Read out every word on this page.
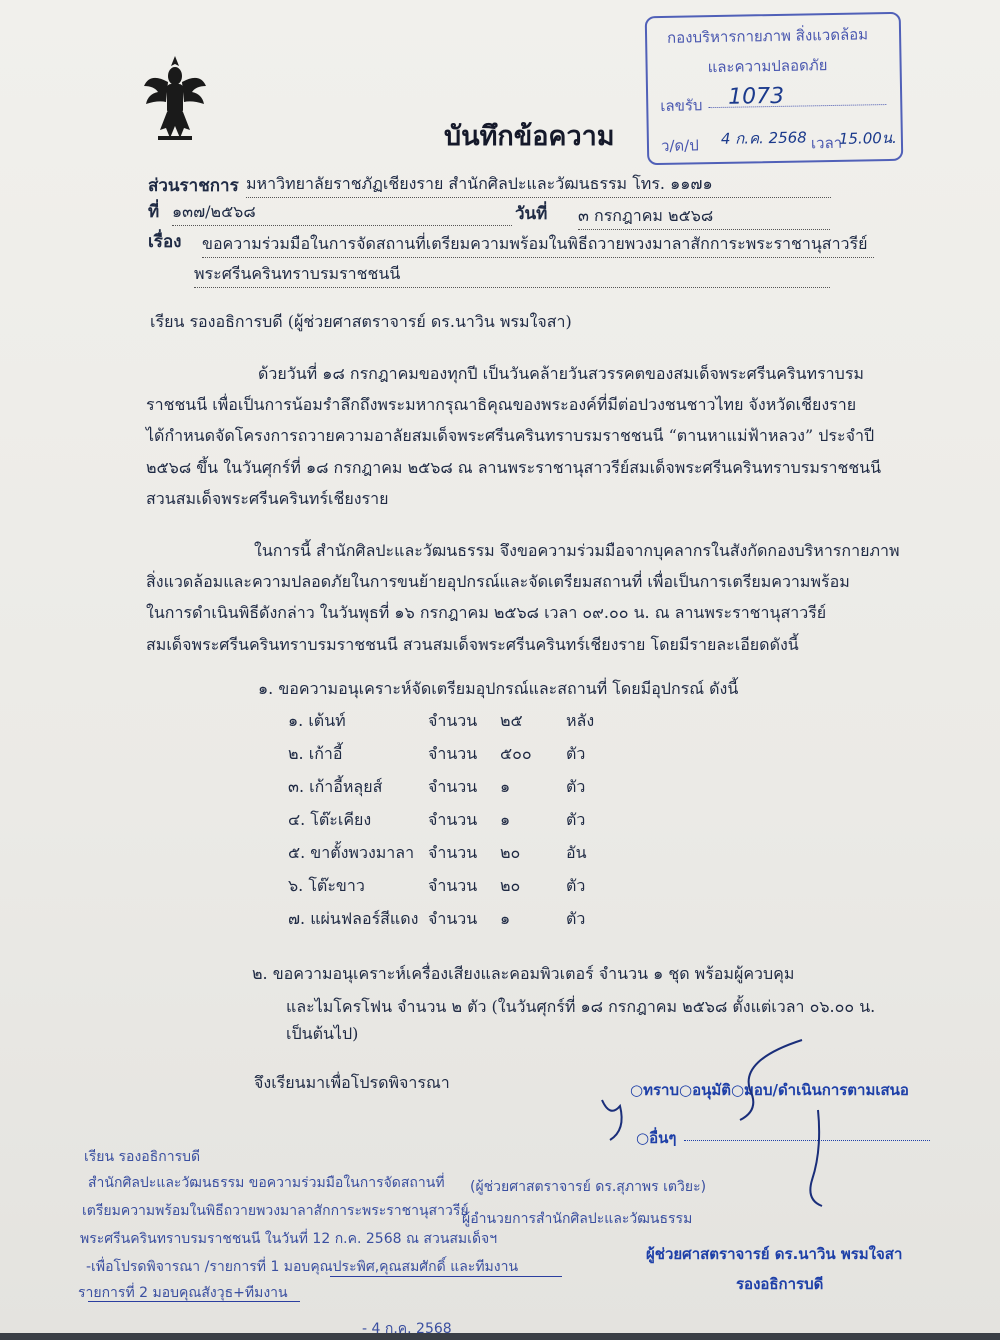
กองบริหารกายภาพ สิ่งแวดล้อม
และความปลอดภัย
เลขรับ 1073
ว/ด/ป 4 ก.ค. 2568 เวลา
15.00น.
บันทึกข้อความ
ส่วนราชการ มหาวิทยาลัยราชภัฏเชียงราย สำนักศิลปะและวัฒนธรรม โทร. ๑๑๗๑
ที่ ๑๓๗/๒๕๖๘	วันที่ ๓ กรกฎาคม ๒๕๖๘
เรื่อง ขอความร่วมมือในการจัดสถานที่เตรียมความพร้อมในพิธีถวายพวงมาลาสักการะพระราชานุสาวรีย์
พระศรีนครินทราบรมราชชนนี
เรียน รองอธิการบดี (ผู้ช่วยศาสตราจารย์ ดร.นาวิน พรมใจสา)
ด้วยวันที่ ๑๘ กรกฎาคมของทุกปี เป็นวันคล้ายวันสวรรคตของสมเด็จพระศรีนครินทราบรม
ราชชนนี เพื่อเป็นการน้อมรำลึกถึงพระมหากรุณาธิคุณของพระองค์ที่มีต่อปวงชนชาวไทย จังหวัดเชียงราย
ได้กำหนดจัดโครงการถวายความอาลัยสมเด็จพระศรีนครินทราบรมราชชนนี “ตานหาแม่ฟ้าหลวง” ประจำปี
๒๕๖๘ ขึ้น ในวันศุกร์ที่ ๑๘ กรกฎาคม ๒๕๖๘ ณ ลานพระราชานุสาวรีย์สมเด็จพระศรีนครินทราบรมราชชนนี
สวนสมเด็จพระศรีนครินทร์เชียงราย
ในการนี้ สำนักศิลปะและวัฒนธรรม จึงขอความร่วมมือจากบุคลากรในสังกัดกองบริหารกายภาพ
สิ่งแวดล้อมและความปลอดภัยในการขนย้ายอุปกรณ์และจัดเตรียมสถานที่ เพื่อเป็นการเตรียมความพร้อม
ในการดำเนินพิธีดังกล่าว ในวันพุธที่ ๑๖ กรกฎาคม ๒๕๖๘ เวลา ๐๙.๐๐ น. ณ ลานพระราชานุสาวรีย์
สมเด็จพระศรีนครินทราบรมราชชนนี สวนสมเด็จพระศรีนครินทร์เชียงราย โดยมีรายละเอียดดังนี้
๑. ขอความอนุเคราะห์จัดเตรียมอุปกรณ์และสถานที่ โดยมีอุปกรณ์ ดังนี้
๑. เต้นท์	จำนวน ๒๕	หลัง
๒. เก้าอี้	จำนวน ๕๐๐ ตัว
๓. เก้าอี้หลุยส์	จำนวน ๑	ตัว
๔. โต๊ะเคียง	จำนวน ๑	ตัว
๕. ขาตั้งพวงมาลา จำนวน ๒๐	อัน
๖. โต๊ะขาว	จำนวน ๒๐	ตัว
๗. แผ่นฟลอร์สีแดง จำนวน ๑	ตัว
๒. ขอความอนุเคราะห์เครื่องเสียงและคอมพิวเตอร์ จำนวน ๑ ชุด พร้อมผู้ควบคุม
และไมโครโฟน จำนวน ๒ ตัว (ในวันศุกร์ที่ ๑๘ กรกฎาคม ๒๕๖๘ ตั้งแต่เวลา ๐๖.๐๐ น.
เป็นต้นไป)
จึงเรียนมาเพื่อโปรดพิจารณา	○ทราบ○อนุมัติ○มอบ/ดำเนินการตามเสนอ
○อื่นๆ
ผู้ช่วยศาสตราจารย์ ดร.นาวิน พรมใจสา
รองอธิการบดี
เรียน รองอธิการบดี
สำนักศิลปะและวัฒนธรรม ขอความร่วมมือในการจัดสถานที่ (ผู้ช่วยศาสตราจารย์ ดร.สุภาพร เตวิยะ)
เตรียมความพร้อมในพิธีถวายพวงมาลาสักการะพระราชานุสาวรีย์
ผู้อำนวยการสำนักศิลปะและวัฒนธรรม
พระศรีนครินทราบรมราชชนนี ในวันที่ 12 ก.ค. 2568 ณ สวนสมเด็จฯ
-เพื่อโปรดพิจารณา /รายการที่ 1 มอบคุณประพิศ,คุณสมศักดิ์ และทีมงาน
รายการที่ 2 มอบคุณสังวุธ+ทีมงาน
- 4 ก.ค. 2568
